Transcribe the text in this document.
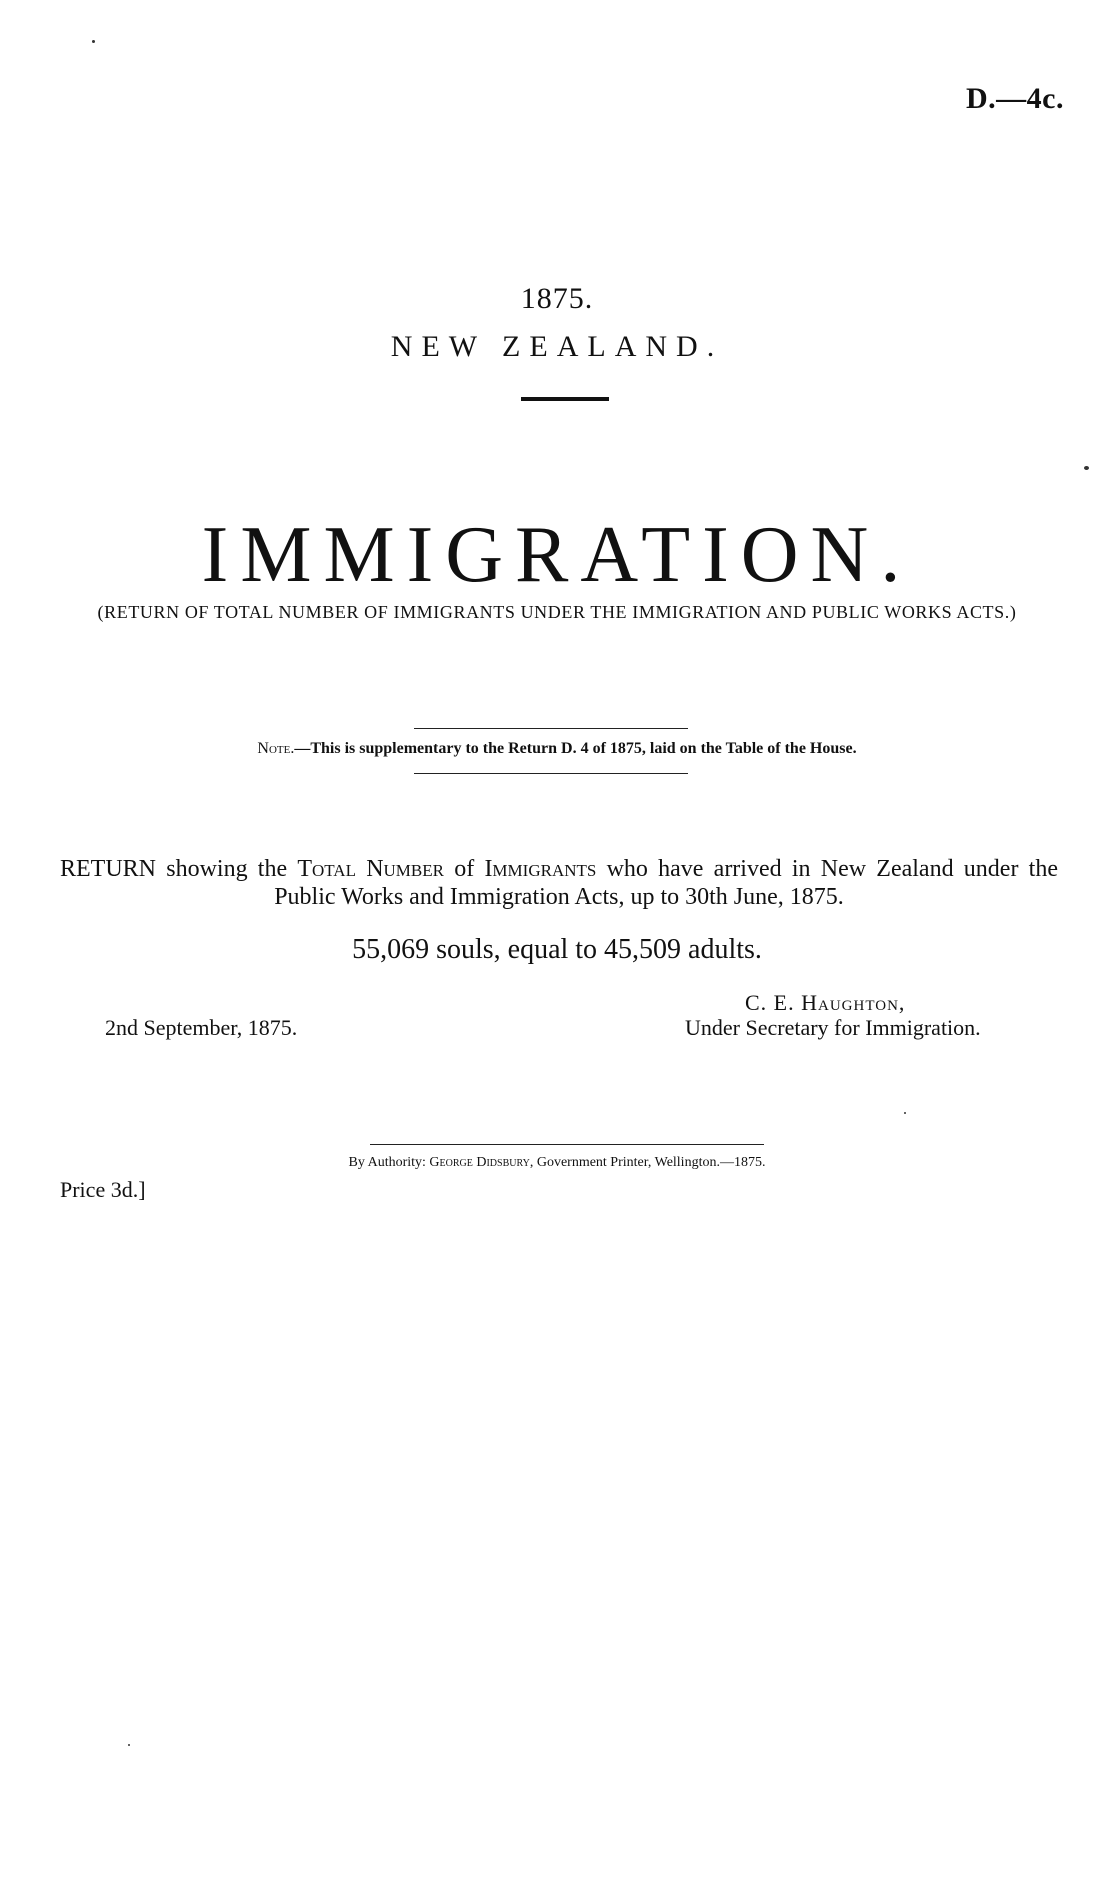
D.—4c.
1875.
NEW ZEALAND.
IMMIGRATION.
(RETURN OF TOTAL NUMBER OF IMMIGRANTS UNDER THE IMMIGRATION AND PUBLIC WORKS ACTS.)
Note.—This is supplementary to the Return D. 4 of 1875, laid on the Table of the House.
RETURN showing the Total Number of Immigrants who have arrived in New Zealand under the Public Works and Immigration Acts, up to 30th June, 1875.
55,069 souls, equal to 45,509 adults.
C. E. Haughton,
Under Secretary for Immigration.
2nd September, 1875.
By Authority: George Didsbury, Government Printer, Wellington.—1875.
Price 3d.]
